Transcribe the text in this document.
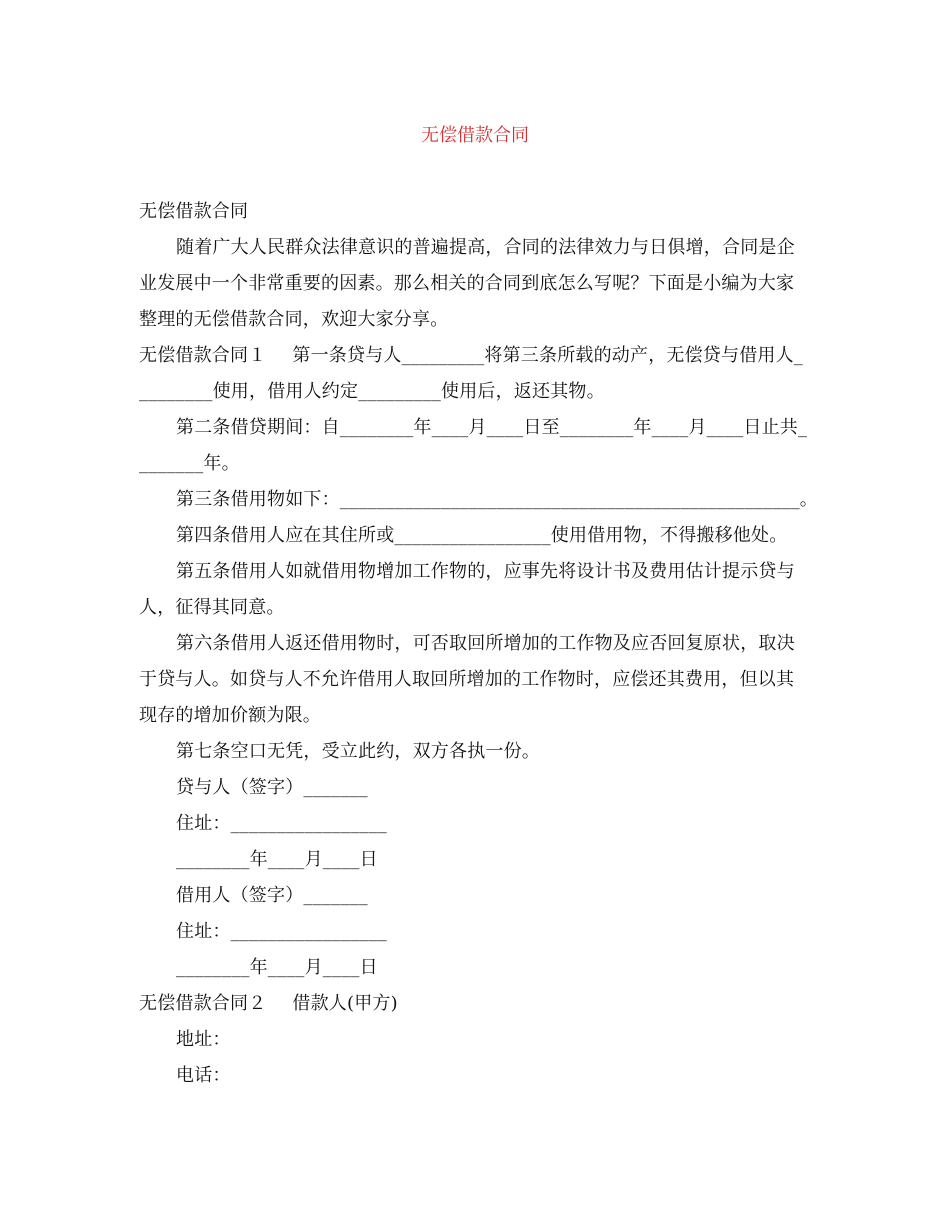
无偿借款合同

无偿借款合同

随着广大人民群众法律意识的普遍提高，合同的法律效力与日俱增，合同是企业发展中一个非常重要的因素。那么相关的合同到底怎么写呢？下面是小编为大家整理的无偿借款合同，欢迎大家分享。

无偿借款合同１ 第一条贷与人_________将第三条所载的动产，无偿贷与借用人_________使用，借用人约定_________使用后，返还其物。

第二条借贷期间：自________年____月____日至________年____月____日止共________年。

第三条借用物如下：__________________________________________________。

第四条借用人应在其住所或_________________使用借用物，不得搬移他处。

第五条借用人如就借用物增加工作物的，应事先将设计书及费用估计提示贷与人，征得其同意。

第六条借用人返还借用物时，可否取回所增加的工作物及应否回复原状，取决于贷与人。如贷与人不允许借用人取回所增加的工作物时，应偿还其费用，但以其现存的增加价额为限。

第七条空口无凭，受立此约，双方各执一份。

贷与人（签字）_______

住址：_________________

________年____月____日

借用人（签字）_______

住址：_________________

________年____月____日

无偿借款合同２ 借款人(甲方)

地址：

电话：
